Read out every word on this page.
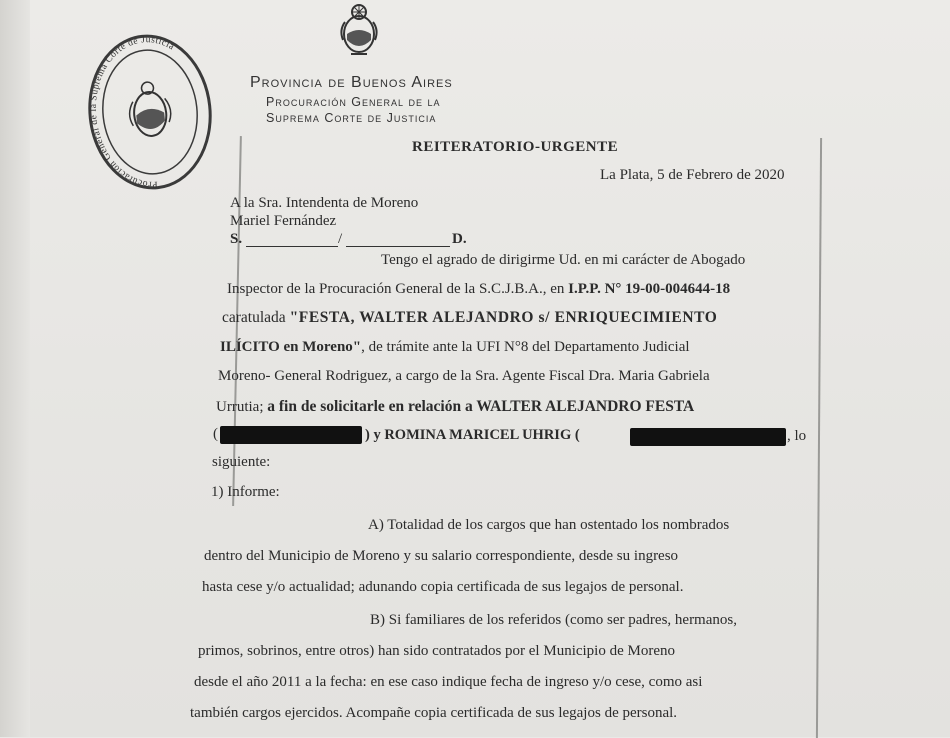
Procuración General de la Suprema Corte de Justicia
Provincia de Buenos Aires
Procuración General de la
Suprema Corte de Justicia
REITERATORIO-URGENTE
La Plata, 5 de Febrero de 2020
A la Sra. Intendenta de Moreno
Mariel Fernández
S.	/	D.
Tengo el agrado de dirigirme Ud. en mi carácter de Abogado
Inspector de la Procuración General de la S.C.J.B.A., en I.P.P. N° 19-00-004644-18
caratulada "FESTA, WALTER ALEJANDRO s/ ENRIQUECIMIENTO
ILÍCITO en Moreno", de trámite ante la UFI N°8 del Departamento Judicial
Moreno- General Rodriguez, a cargo de la Sra. Agente Fiscal Dra. Maria Gabriela
Urrutia; a fin de solicitarle en relación a WALTER ALEJANDRO FESTA
(	) y ROMINA MARICEL UHRIG (	, lo
siguiente:
1) Informe:
A) Totalidad de los cargos que han ostentado los nombrados
dentro del Municipio de Moreno y su salario correspondiente, desde su ingreso
hasta cese y/o actualidad; adunando copia certificada de sus legajos de personal.
B) Si familiares de los referidos (como ser padres, hermanos,
primos, sobrinos, entre otros) han sido contratados por el Municipio de Moreno
desde el año 2011 a la fecha: en ese caso indique fecha de ingreso y/o cese, como asi
también cargos ejercidos. Acompañe copia certificada de sus legajos de personal.
